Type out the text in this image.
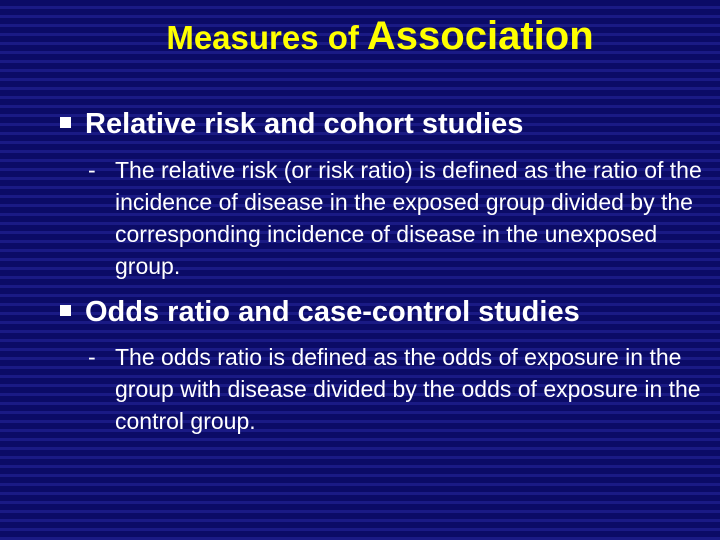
Measures of Association
Relative risk and cohort studies
- The relative risk (or risk ratio) is defined as the ratio of the incidence of disease in the exposed group divided by the corresponding incidence of disease in the unexposed group.
Odds ratio and case-control studies
- The odds ratio is defined as the odds of exposure in the group with disease divided by the odds of exposure in the control group.
